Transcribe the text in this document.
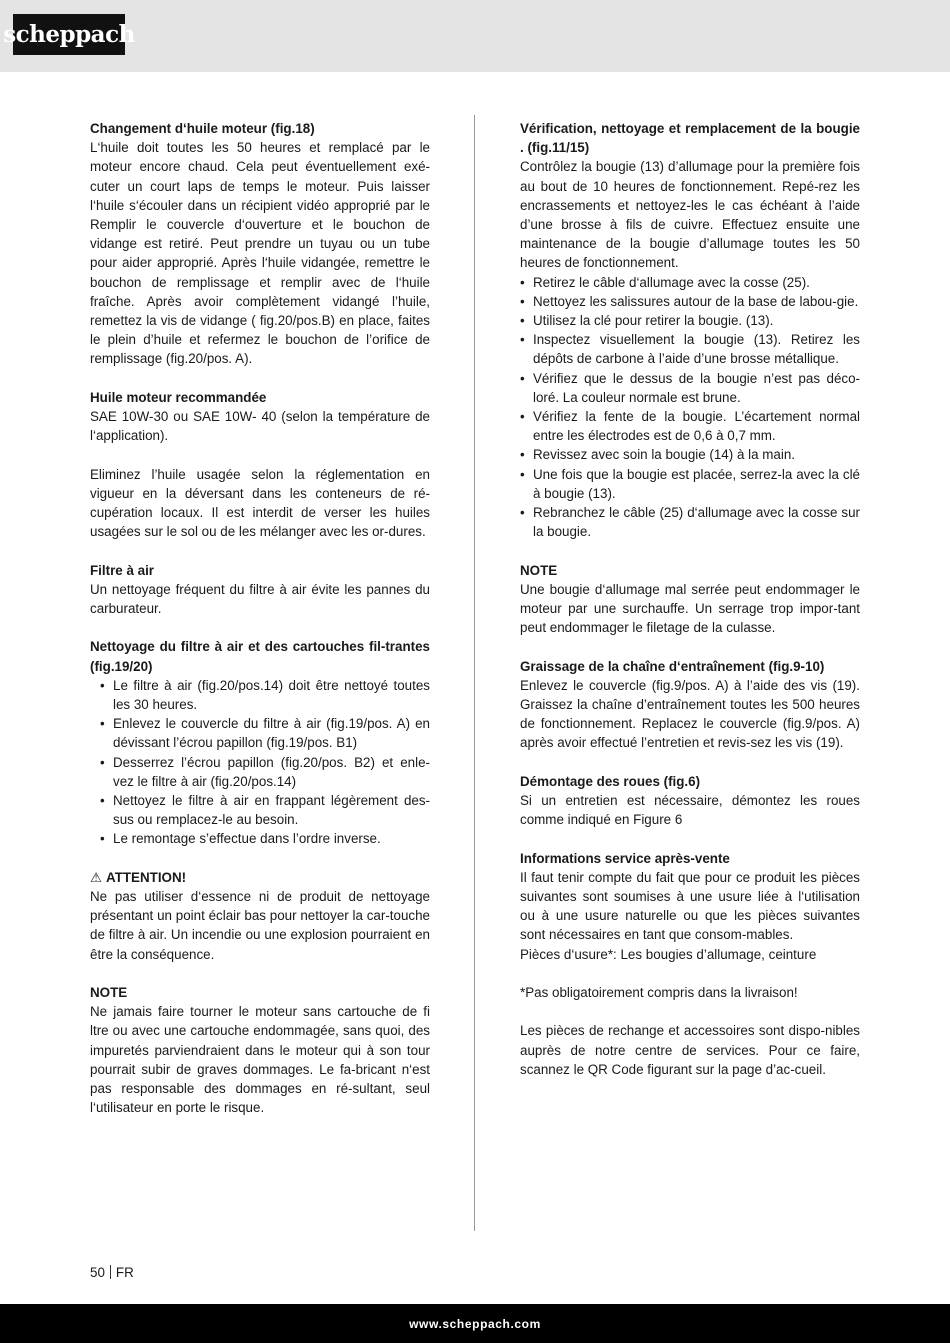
scheppach
Changement d‘huile moteur (fig.18)

L‘huile doit toutes les 50 heures et remplacé par le moteur encore chaud. Cela peut éventuellement exé-cuter un court laps de temps le moteur. Puis laisser l‘huile s‘écouler dans un récipient vidéo approprié par le Remplir le couvercle d‘ouverture et le bouchon de vidange est retiré. Peut prendre un tuyau ou un tube pour aider approprié. Après l‘huile vidangée, remettre le bouchon de remplissage et remplir avec de l‘huile fraîche. Après avoir complètement vidangé l’huile, remettez la vis de vidange ( fig.20/pos.B) en place, faites le plein d’huile et refermez le bouchon de l’orifice de remplissage (fig.20/pos. A).

Huile moteur recommandée

SAE 10W-30 ou SAE 10W- 40 (selon la température de l‘application).

Eliminez l’huile usagée selon la réglementation en vigueur en la déversant dans les conteneurs de ré-cupération locaux. Il est interdit de verser les huiles usagées sur le sol ou de les mélanger avec les or-dures.

Filtre à air

Un nettoyage fréquent du filtre à air évite les pannes du carburateur.

Nettoyage du filtre à air et des cartouches fil-trantes (fig.19/20)
• Le filtre à air (fig.20/pos.14) doit être nettoyé toutes les 30 heures.
• Enlevez le couvercle du filtre à air (fig.19/pos. A) en dévissant l’écrou papillon (fig.19/pos. B1)
• Desserrez l’écrou papillon (fig.20/pos. B2) et enle-vez le filtre à air (fig.20/pos.14)
• Nettoyez le filtre à air en frappant légèrement des-sus ou remplacez-le au besoin.
• Le remontage s’effectue dans l’ordre inverse.
⚠ ATTENTION!

Ne pas utiliser d‘essence ni de produit de nettoyage présentant un point éclair bas pour nettoyer la car-touche de filtre à air. Un incendie ou une explosion pourraient en être la conséquence.

NOTE

Ne jamais faire tourner le moteur sans cartouche de fi ltre ou avec une cartouche endommagée, sans quoi, des impuretés parviendraient dans le moteur qui à son tour pourrait subir de graves dommages. Le fa-bricant n‘est pas responsable des dommages en ré-sultant, seul l‘utilisateur en porte le risque.

Vérification, nettoyage et remplacement de la bougie . (fig.11/15)

Contrôlez la bougie (13) d’allumage pour la première fois au bout de 10 heures de fonctionnement. Repé-rez les encrassements et nettoyez-les le cas échéant à l’aide d’une brosse à fils de cuivre. Effectuez ensuite une maintenance de la bougie d’allumage toutes les 50 heures de fonctionnement.

• Retirez le câble d‘allumage avec la cosse (25).
• Nettoyez les salissures autour de la base de labou-gie.
• Utilisez la clé pour retirer la bougie. (13).
• Inspectez visuellement la bougie (13). Retirez les dépôts de carbone à l’aide d’une brosse métallique.
• Vérifiez que le dessus de la bougie n’est pas déco-loré. La couleur normale est brune.
• Vérifiez la fente de la bougie. L’écartement normal entre les électrodes est de 0,6 à 0,7 mm.
• Revissez avec soin la bougie (14) à la main.
• Une fois que la bougie est placée, serrez-la avec la clé à bougie (13).
• Rebranchez le câble (25) d‘allumage avec la cosse sur la bougie.
NOTE

Une bougie d‘allumage mal serrée peut endommager le moteur par une surchauffe. Un serrage trop impor-tant peut endommager le filetage de la culasse.

Graissage de la chaîne d‘entraînement (fig.9-10)

Enlevez le couvercle (fig.9/pos. A) à l’aide des vis (19). Graissez la chaîne d’entraînement toutes les 500 heures de fonctionnement. Replacez le couvercle (fig.9/pos. A) après avoir effectué l’entretien et revis-sez les vis (19).

Démontage des roues (fig.6)

Si un entretien est nécessaire, démontez les roues comme indiqué en Figure 6

Informations service après-vente

Il faut tenir compte du fait que pour ce produit les pièces suivantes sont soumises à une usure liée à l‘utilisation ou à une usure naturelle ou que les pièces suivantes sont nécessaires en tant que consom-mables.

Pièces d‘usure*: Les bougies d’allumage, ceinture

*Pas obligatoirement compris dans la livraison!

Les pièces de rechange et accessoires sont dispo-nibles auprès de notre centre de services. Pour ce faire, scannez le QR Code figurant sur la page d’ac-cueil.

50 FR
www.scheppach.com
